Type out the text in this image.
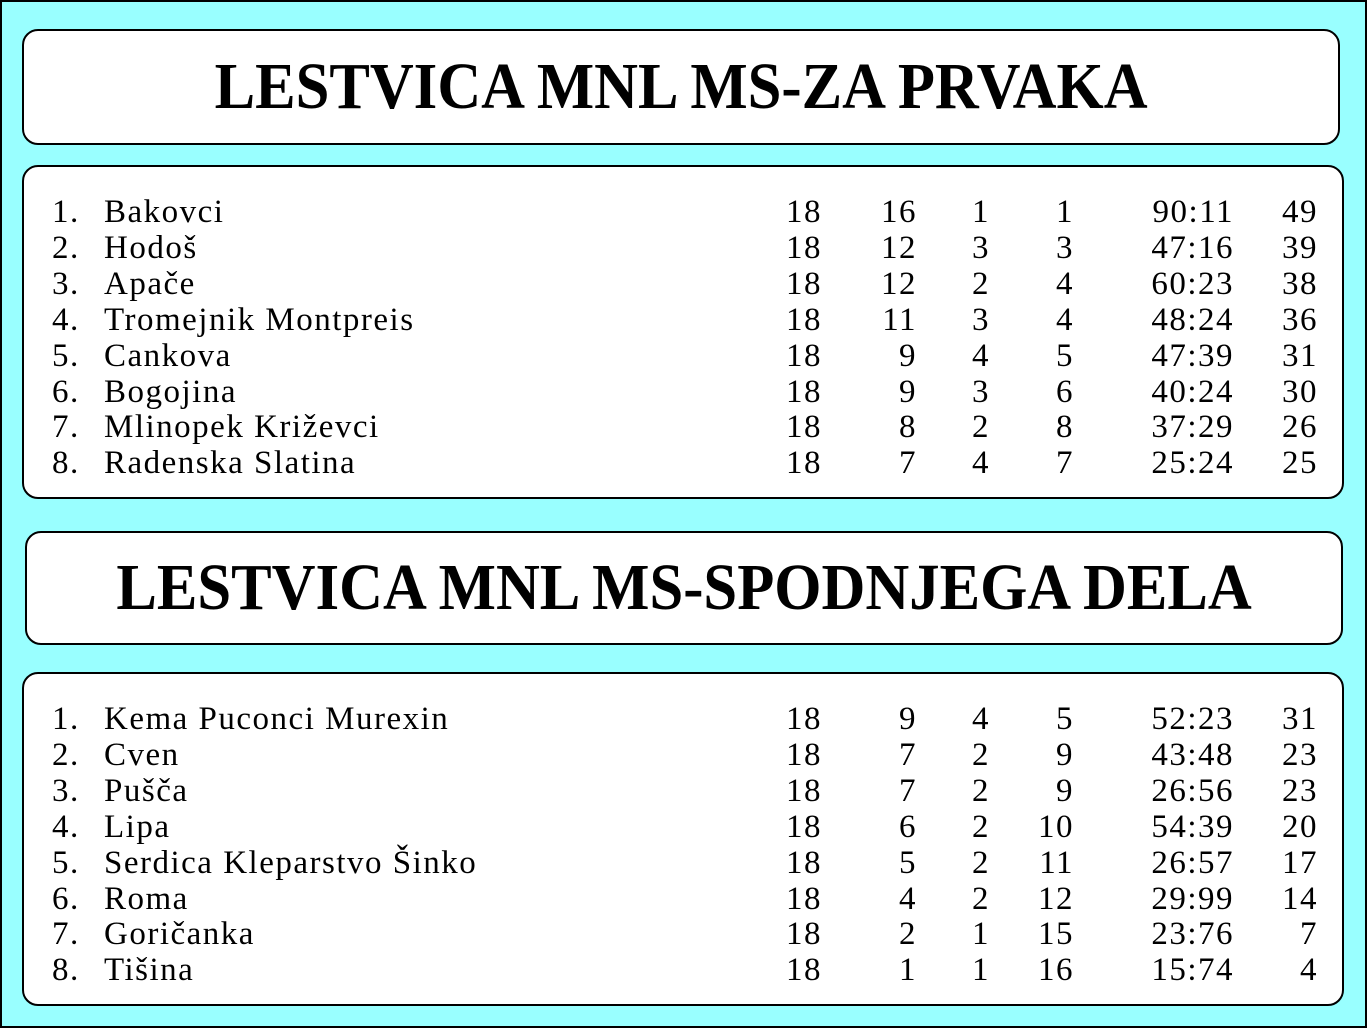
LESTVICA MNL MS-ZA PRVAKA
1. Bakovci	18 16 1 1 90:11 49
2. Hodoš	18 12 3 3 47:16 39
3. Apače	18 12 2 4 60:23 38
4. Tromejnik Montpreis	18 11 3 4 48:24 36
5. Cankova	18 9 4 5 47:39 31
6. Bogojina	18 9 3 6 40:24 30
7. Mlinopek Križevci	18 8 2 8 37:29 26
8. Radenska Slatina	18 7 4 7 25:24 25
LESTVICA MNL MS-SPODNJEGA DELA
1. Kema Puconci Murexin	18 9 4 5 52:23 31
2. Cven	18 7 2 9 43:48 23
3. Pušča	18 7 2 9 26:56 23
4. Lipa	18 6 2 10 54:39 20
5. Serdica Kleparstvo Šinko	18 5 2 11 26:57 17
6. Roma	18 4 2 12 29:99 14
7. Goričanka	18 2 1 15 23:76 7
8. Tišina	18 1 1 16 15:74 4
